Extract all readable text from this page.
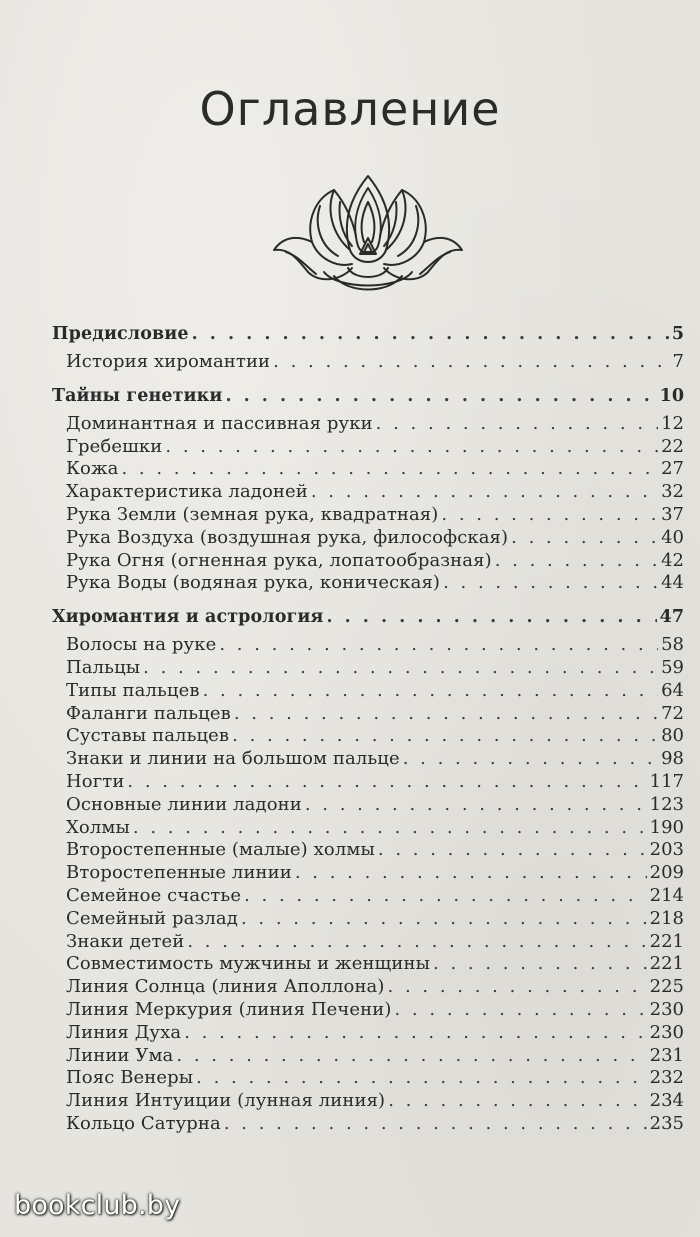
Оглавление
Предисловие . . .	5
История хиромантии . . .	7
Тайны генетики . . .	10
Доминантная и пассивная руки . . .	12
Гребешки . . .	22
Кожа . . .	27
Характеристика ладоней . . .	32
Рука Земли (земная рука, квадратная) . . .	37
Рука Воздуха (воздушная рука, философская) . . .	40
Рука Огня (огненная рука, лопатообразная) . . .	42
Рука Воды (водяная рука, коническая) . . .	44
Хиромантия и астрология . . .	47
Волосы на руке . . .	58
Пальцы . . .	59
Типы пальцев . . .	64
Фаланги пальцев . . .	72
Суставы пальцев . . .	80
Знаки и линии на большом пальце . . .	98
Ногти . . .	117
Основные линии ладони . . .	123
Холмы . . .	190
Второстепенные (малые) холмы . . .	203
Второстепенные линии . . .	209
Семейное счастье . . .	214
Семейный разлад . . .	218
Знаки детей . . .	221
Совместимость мужчины и женщины . . .	221
Линия Солнца (линия Аполлона) . . .	225
Линия Меркурия (линия Печени) . . .	230
Линия Духа . . .	230
Линии Ума . . .	231
Пояс Венеры . . .	232
Линия Интуиции (лунная линия) . . .	234
Кольцо Сатурна . . .	235
bookclub.by
